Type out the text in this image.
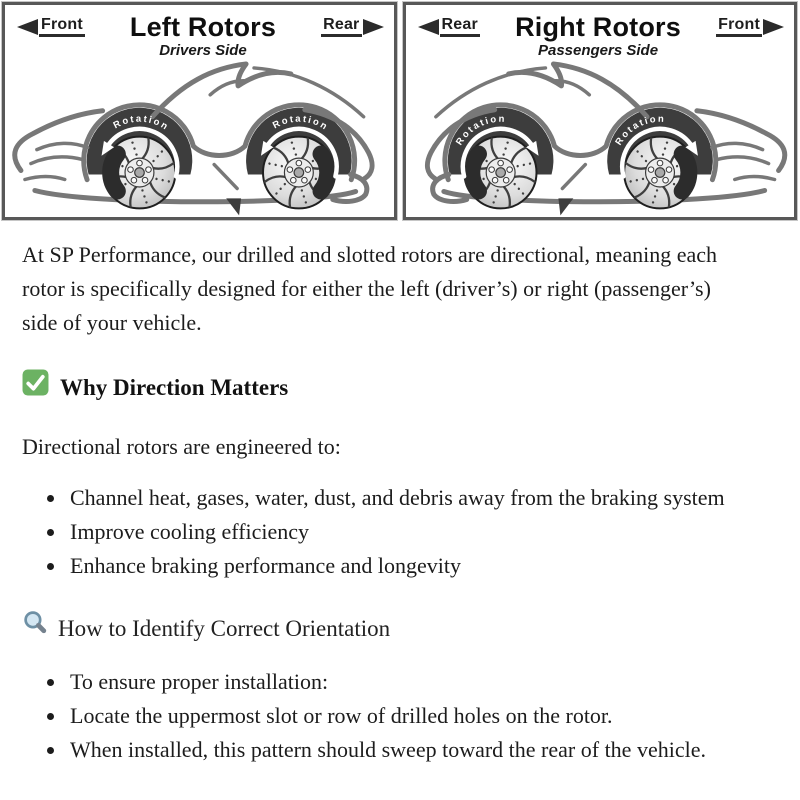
Front Left Rotors
Drivers Side
Rear
Rotation	Rotation
Rear Right Rotors
Passengers Side
Front
Rotation
Rotation

At SP Performance, our drilled and slotted rotors are directional, meaning each rotor is specifically designed for either the left (driver’s) or right (passenger’s) side of your vehicle.

Why Direction Matters

Directional rotors are engineered to:

• Channel heat, gases, water, dust, and debris away from the braking system
• Improve cooling efficiency
• Enhance braking performance and longevity
How to Identify Correct Orientation
• To ensure proper installation:
• Locate the uppermost slot or row of drilled holes on the rotor.
• When installed, this pattern should sweep toward the rear of the vehicle.
